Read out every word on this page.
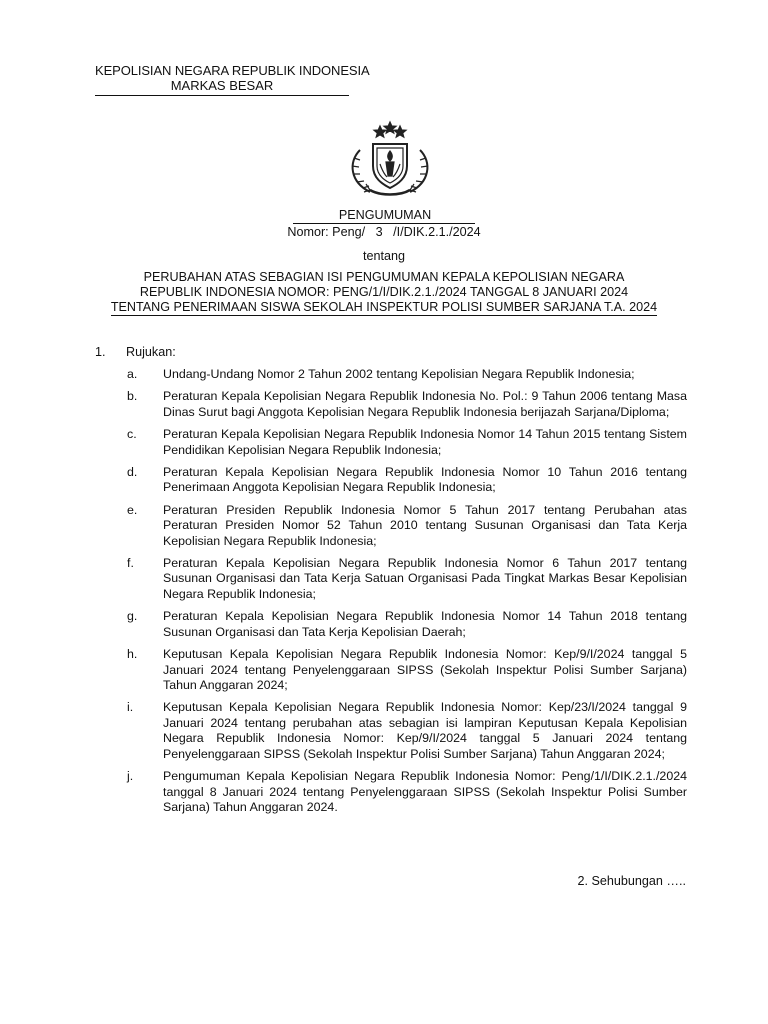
KEPOLISIAN NEGARA REPUBLIK INDONESIA
MARKAS BESAR
PENGUMUMAN
Nomor: Peng/   3   /I/DIK.2.1./2024
tentang
PERUBAHAN ATAS SEBAGIAN ISI PENGUMUMAN KEPALA KEPOLISIAN NEGARA
REPUBLIK INDONESIA NOMOR: PENG/1/I/DIK.2.1./2024 TANGGAL 8 JANUARI 2024
TENTANG PENERIMAAN SISWA SEKOLAH INSPEKTUR POLISI SUMBER SARJANA T.A. 2024
1. Rujukan:
a. Undang-Undang Nomor 2 Tahun 2002 tentang Kepolisian Negara Republik Indonesia;
b. Peraturan Kepala Kepolisian Negara Republik Indonesia No. Pol.: 9 Tahun 2006 tentang Masa Dinas Surut bagi Anggota Kepolisian Negara Republik Indonesia berijazah Sarjana/Diploma;
c. Peraturan Kepala Kepolisian Negara Republik Indonesia Nomor 14 Tahun 2015 tentang Sistem Pendidikan Kepolisian Negara Republik Indonesia;
d. Peraturan Kepala Kepolisian Negara Republik Indonesia Nomor 10 Tahun 2016 tentang Penerimaan Anggota Kepolisian Negara Republik Indonesia;
e. Peraturan Presiden Republik Indonesia Nomor 5 Tahun 2017 tentang Perubahan atas Peraturan Presiden Nomor 52 Tahun 2010 tentang Susunan Organisasi dan Tata Kerja Kepolisian Negara Republik Indonesia;
f. Peraturan Kepala Kepolisian Negara Republik Indonesia Nomor 6 Tahun 2017 tentang Susunan Organisasi dan Tata Kerja Satuan Organisasi Pada Tingkat Markas Besar Kepolisian Negara Republik Indonesia;
g. Peraturan Kepala Kepolisian Negara Republik Indonesia Nomor 14 Tahun 2018 tentang Susunan Organisasi dan Tata Kerja Kepolisian Daerah;
h. Keputusan Kepala Kepolisian Negara Republik Indonesia Nomor: Kep/9/I/2024 tanggal 5 Januari 2024 tentang Penyelenggaraan SIPSS (Sekolah Inspektur Polisi Sumber Sarjana) Tahun Anggaran 2024;
i. Keputusan Kepala Kepolisian Negara Republik Indonesia Nomor: Kep/23/I/2024 tanggal 9 Januari 2024 tentang perubahan atas sebagian isi lampiran Keputusan Kepala Kepolisian Negara Republik Indonesia Nomor: Kep/9/I/2024 tanggal 5 Januari 2024 tentang Penyelenggaraan SIPSS (Sekolah Inspektur Polisi Sumber Sarjana) Tahun Anggaran 2024;
j. Pengumuman Kepala Kepolisian Negara Republik Indonesia Nomor: Peng/1/I/DIK.2.1./2024 tanggal 8 Januari 2024 tentang Penyelenggaraan SIPSS (Sekolah Inspektur Polisi Sumber Sarjana) Tahun Anggaran 2024.
2. Sehubungan …..
